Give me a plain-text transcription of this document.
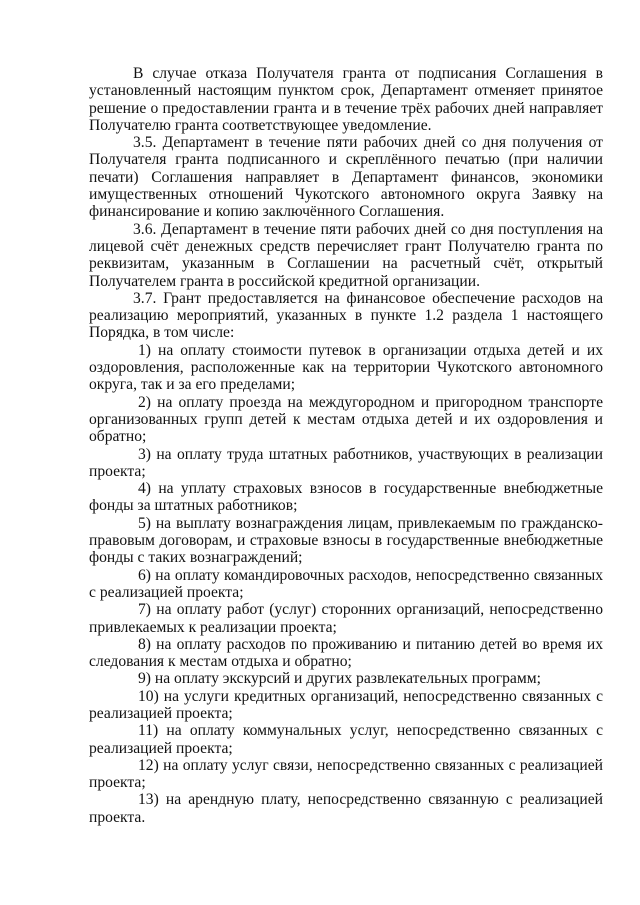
В случае отказа Получателя гранта от подписания Соглашения в установленный настоящим пунктом срок, Департамент отменяет принятое решение о предоставлении гранта и в течение трёх рабочих дней направляет Получателю гранта соответствующее уведомление.

3.5. Департамент в течение пяти рабочих дней со дня получения от Получателя гранта подписанного и скреплённого печатью (при наличии печати) Соглашения направляет в Департамент финансов, экономики имущественных отношений Чукотского автономного округа Заявку на финансирование и копию заключённого Соглашения.

3.6. Департамент в течение пяти рабочих дней со дня поступления на лицевой счёт денежных средств перечисляет грант Получателю гранта по реквизитам, указанным в Соглашении на расчетный счёт, открытый Получателем гранта в российской кредитной организации.

3.7. Грант предоставляется на финансовое обеспечение расходов на реализацию мероприятий, указанных в пункте 1.2 раздела 1 настоящего Порядка, в том числе:

1) на оплату стоимости путевок в организации отдыха детей и их оздоровления, расположенные как на территории Чукотского автономного округа, так и за его пределами;

2) на оплату проезда на междугородном и пригородном транспорте организованных групп детей к местам отдыха детей и их оздоровления и обратно;

3) на оплату труда штатных работников, участвующих в реализации проекта;

4) на уплату страховых взносов в государственные внебюджетные фонды за штатных работников;

5) на выплату вознаграждения лицам, привлекаемым по гражданско-правовым договорам, и страховые взносы в государственные внебюджетные фонды с таких вознаграждений;

6) на оплату командировочных расходов, непосредственно связанных с реализацией проекта;

7) на оплату работ (услуг) сторонних организаций, непосредственно привлекаемых к реализации проекта;

8) на оплату расходов по проживанию и питанию детей во время их следования к местам отдыха и обратно;

9) на оплату экскурсий и других развлекательных программ;

10) на услуги кредитных организаций, непосредственно связанных с реализацией проекта;

11) на оплату коммунальных услуг, непосредственно связанных с реализацией проекта;

12) на оплату услуг связи, непосредственно связанных с реализацией проекта;

13) на арендную плату, непосредственно связанную с реализацией проекта.
